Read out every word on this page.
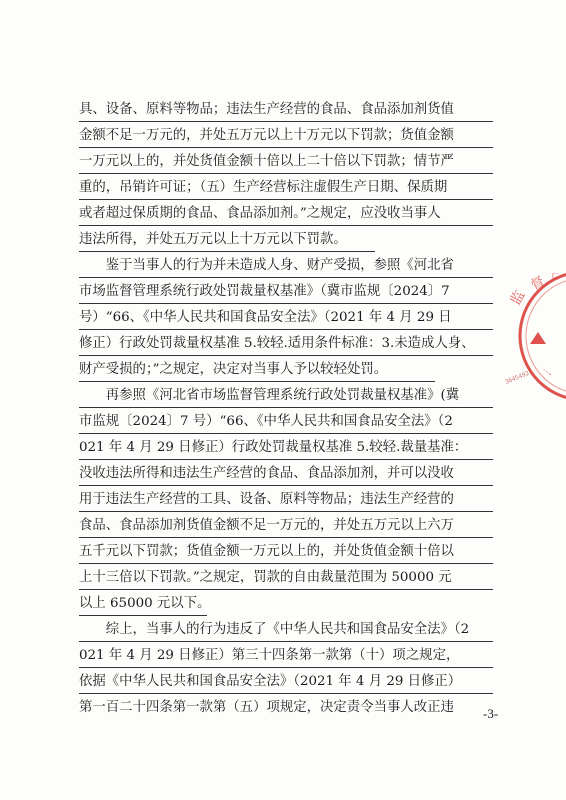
具、设备、原料等物品；违法生产经营的食品、食品添加剂货值
金额不足一万元的，并处五万元以上十万元以下罚款；货值金额
一万元以上的，并处货值金额十倍以上二十倍以下罚款；情节严
重的，吊销许可证；（五）生产经营标注虚假生产日期、保质期
或者超过保质期的食品、食品添加剂。”之规定，应没收当事人
违法所得，并处五万元以上十万元以下罚款。
　　鉴于当事人的行为并未造成人身、财产受损，参照《河北省
市场监督管理系统行政处罚裁量权基准》（冀市监规〔2024〕7
号）“66、《中华人民共和国食品安全法》（2021 年 4 月 29 日
修正）行政处罚裁量权基准 5.较轻.适用条件标准：3.未造成人身、
财产受损的；”之规定，决定对当事人予以较轻处罚。
　　再参照《河北省市场监督管理系统行政处罚裁量权基准》(冀
市监规〔2024〕7 号）“66、《中华人民共和国食品安全法》（2
021 年 4 月 29 日修正）行政处罚裁量权基准 5.较轻.裁量基准：
没收违法所得和违法生产经营的食品、食品添加剂，并可以没收
用于违法生产经营的工具、设备、原料等物品；违法生产经营的
食品、食品添加剂货值金额不足一万元的，并处五万元以上六万
五千元以下罚款；货值金额一万元以上的，并处货值金额十倍以
上十三倍以下罚款。”之规定，罚款的自由裁量范围为 50000 元
以上 65000 元以下。
　　综上，当事人的行为违反了《中华人民共和国食品安全法》（2
021 年 4 月 29 日修正）第三十四条第一款第（十）项之规定，
依据《中华人民共和国食品安全法》（2021 年 4 月 29 日修正）
第一百二十四条第一款第（五）项规定，决定责令当事人改正违
监
督 ㄷ
一
3645492
-3-
